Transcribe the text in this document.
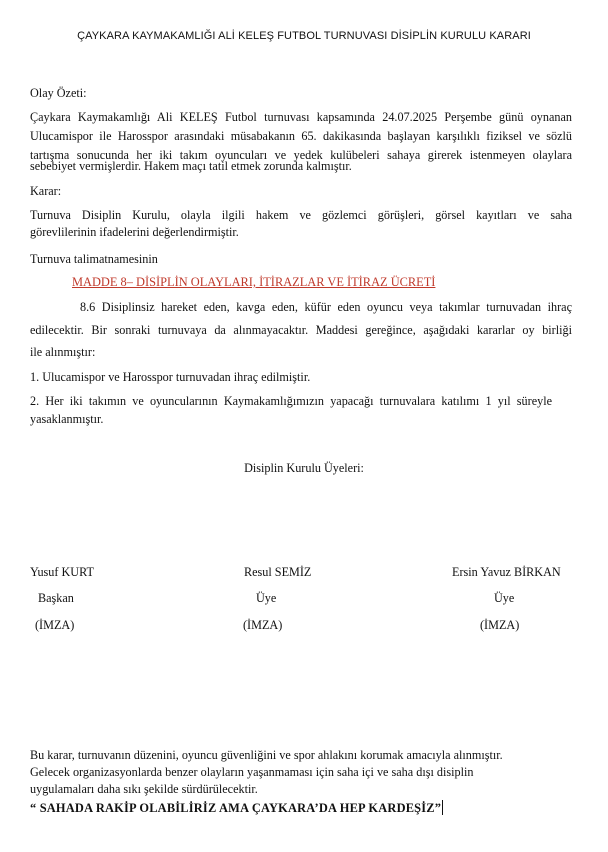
ÇAYKARA KAYMAKAMLIĞI ALİ KELEŞ FUTBOL TURNUVASI DİSİPLİN KURULU KARARI
Olay Özeti:
Çaykara Kaymakamlığı Ali KELEŞ Futbol turnuvası kapsamında 24.07.2025 Perşembe günü oynanan
Ulucamispor ile Harosspor arasındaki müsabakanın 65. dakikasında başlayan karşılıklı fiziksel ve sözlü
tartışma sonucunda her iki takım oyuncuları ve yedek kulübeleri sahaya girerek istenmeyen olaylara
sebebiyet vermişlerdir. Hakem maçı tatil etmek zorunda kalmıştır.
Karar:
Turnuva Disiplin Kurulu, olayla ilgili hakem ve gözlemci görüşleri, görsel kayıtları ve saha
görevlilerinin ifadelerini değerlendirmiştir.
Turnuva talimatnamesinin
MADDE 8– DİSİPLİN OLAYLARI, İTİRAZLAR VE İTİRAZ ÜCRETİ
8.6 Disiplinsiz hareket eden, kavga eden, küfür eden oyuncu veya takımlar turnuvadan ihraç
edilecektir. Bir sonraki turnuvaya da alınmayacaktır. Maddesi gereğince, aşağıdaki kararlar oy birliği
ile alınmıştır:
1. Ulucamispor ve Harosspor turnuvadan ihraç edilmiştir.
2. Her iki takımın ve oyuncularının Kaymakamlığımızın yapacağı turnuvalara katılımı 1 yıl süreyle
yasaklanmıştır.
Disiplin Kurulu Üyeleri:
Yusuf KURT
Başkan
(İMZA)
Resul SEMİZ
Üye
(İMZA)
Ersin Yavuz BİRKAN
Üye
(İMZA)
Bu karar, turnuvanın düzenini, oyuncu güvenliğini ve spor ahlakını korumak amacıyla alınmıştır.
Gelecek organizasyonlarda benzer olayların yaşanmaması için saha içi ve saha dışı disiplin
uygulamaları daha sıkı şekilde sürdürülecektir.
“ SAHADA RAKİP OLABİLİRİZ AMA ÇAYKARA’DA HEP KARDEŞİZ”
